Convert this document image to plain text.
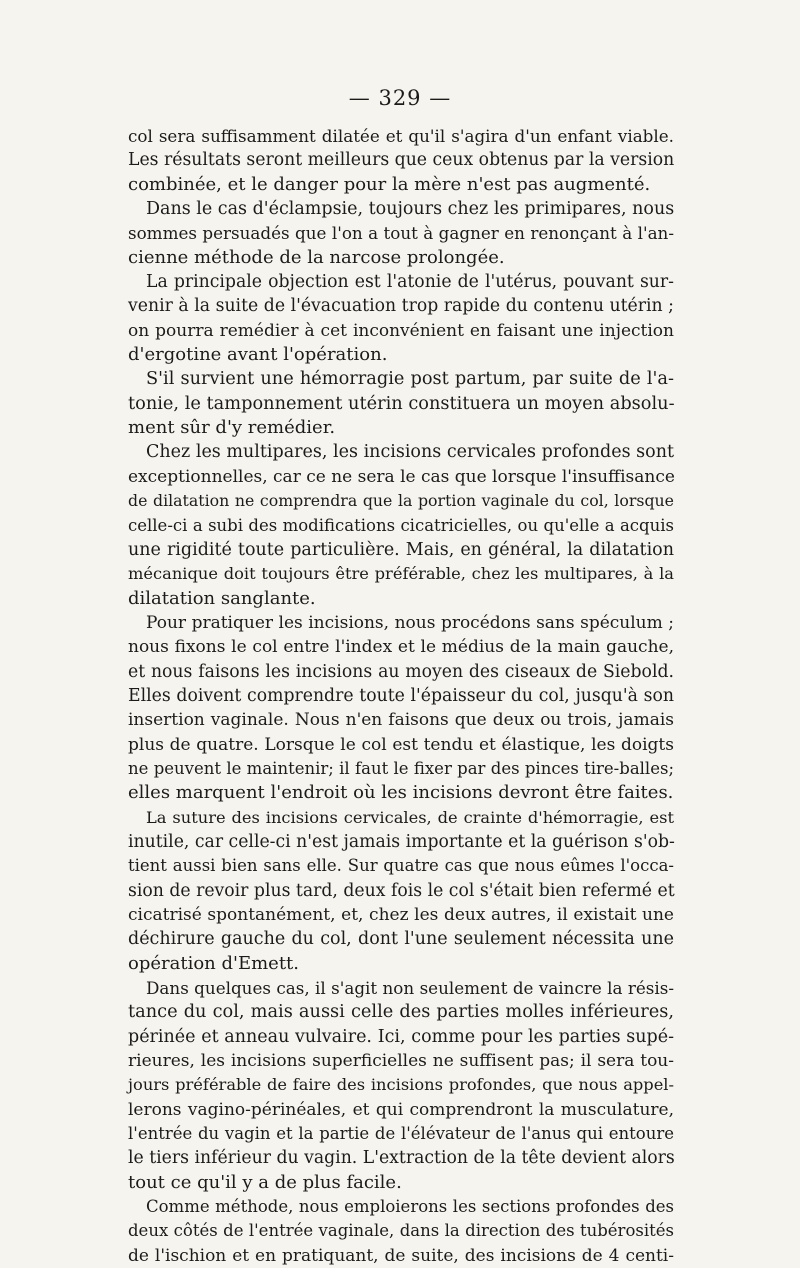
— 329 —
col sera suffisamment dilatée et qu'il s'agira d'un enfant viable.
Les résultats seront meilleurs que ceux obtenus par la version
combinée, et le danger pour la mère n'est pas augmenté.
Dans le cas d'éclampsie, toujours chez les primipares, nous
sommes persuadés que l'on a tout à gagner en renonçant à l'an-
cienne méthode de la narcose prolongée.
La principale objection est l'atonie de l'utérus, pouvant sur-
venir à la suite de l'évacuation trop rapide du contenu utérin ;
on pourra remédier à cet inconvénient en faisant une injection
d'ergotine avant l'opération.
S'il survient une hémorragie post partum, par suite de l'a-
tonie, le tamponnement utérin constituera un moyen absolu-
ment sûr d'y remédier.
Chez les multipares, les incisions cervicales profondes sont
exceptionnelles, car ce ne sera le cas que lorsque l'insuffisance
de dilatation ne comprendra que la portion vaginale du col, lorsque
celle-ci a subi des modifications cicatricielles, ou qu'elle a acquis
une rigidité toute particulière. Mais, en général, la dilatation
mécanique doit toujours être préférable, chez les multipares, à la
dilatation sanglante.
Pour pratiquer les incisions, nous procédons sans spéculum ;
nous fixons le col entre l'index et le médius de la main gauche,
et nous faisons les incisions au moyen des ciseaux de Siebold.
Elles doivent comprendre toute l'épaisseur du col, jusqu'à son
insertion vaginale. Nous n'en faisons que deux ou trois, jamais
plus de quatre. Lorsque le col est tendu et élastique, les doigts
ne peuvent le maintenir; il faut le fixer par des pinces tire-balles;
elles marquent l'endroit où les incisions devront être faites.
La suture des incisions cervicales, de crainte d'hémorragie, est
inutile, car celle-ci n'est jamais importante et la guérison s'ob-
tient aussi bien sans elle. Sur quatre cas que nous eûmes l'occa-
sion de revoir plus tard, deux fois le col s'était bien refermé et
cicatrisé spontanément, et, chez les deux autres, il existait une
déchirure gauche du col, dont l'une seulement nécessita une
opération d'Emett.
Dans quelques cas, il s'agit non seulement de vaincre la résis-
tance du col, mais aussi celle des parties molles inférieures,
périnée et anneau vulvaire. Ici, comme pour les parties supé-
rieures, les incisions superficielles ne suffisent pas; il sera tou-
jours préférable de faire des incisions profondes, que nous appel-
lerons vagino-périnéales, et qui comprendront la musculature,
l'entrée du vagin et la partie de l'élévateur de l'anus qui entoure
le tiers inférieur du vagin. L'extraction de la tête devient alors
tout ce qu'il y a de plus facile.
Comme méthode, nous emploierons les sections profondes des
deux côtés de l'entrée vaginale, dans la direction des tubérosités
de l'ischion et en pratiquant, de suite, des incisions de 4 centi-
